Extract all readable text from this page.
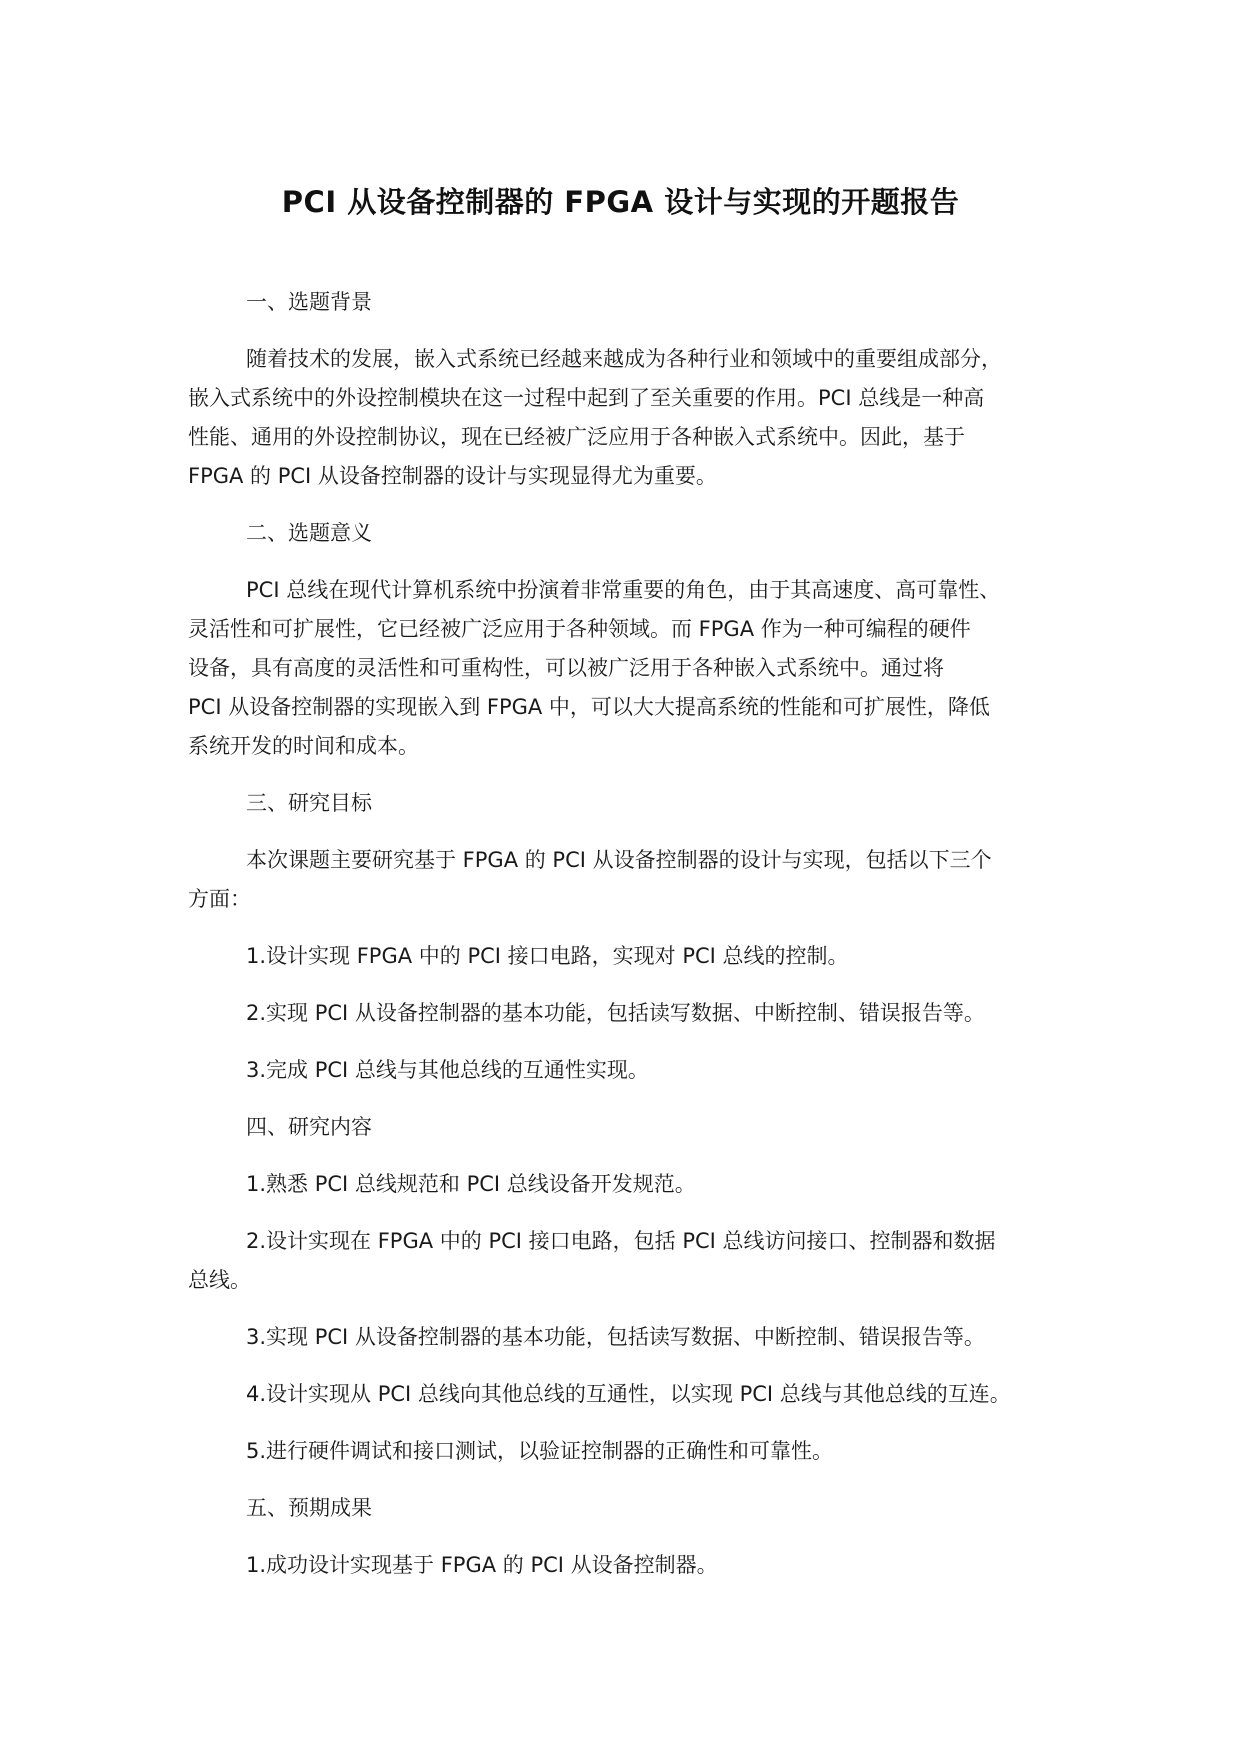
PCI 从设备控制器的 FPGA 设计与实现的开题报告
一、选题背景
随着技术的发展，嵌入式系统已经越来越成为各种行业和领域中的重要组成部分，
嵌入式系统中的外设控制模块在这一过程中起到了至关重要的作用。PCI 总线是一种高
性能、通用的外设控制协议，现在已经被广泛应用于各种嵌入式系统中。因此，基于
FPGA 的 PCI 从设备控制器的设计与实现显得尤为重要。
二、选题意义
PCI 总线在现代计算机系统中扮演着非常重要的角色，由于其高速度、高可靠性、
灵活性和可扩展性，它已经被广泛应用于各种领域。而 FPGA 作为一种可编程的硬件
设备，具有高度的灵活性和可重构性，可以被广泛用于各种嵌入式系统中。通过将
PCI 从设备控制器的实现嵌入到 FPGA 中，可以大大提高系统的性能和可扩展性，降低
系统开发的时间和成本。
三、研究目标
本次课题主要研究基于 FPGA 的 PCI 从设备控制器的设计与实现，包括以下三个
方面：
1.设计实现 FPGA 中的 PCI 接口电路，实现对 PCI 总线的控制。
2.实现 PCI 从设备控制器的基本功能，包括读写数据、中断控制、错误报告等。
3.完成 PCI 总线与其他总线的互通性实现。
四、研究内容
1.熟悉 PCI 总线规范和 PCI 总线设备开发规范。
2.设计实现在 FPGA 中的 PCI 接口电路，包括 PCI 总线访问接口、控制器和数据
总线。
3.实现 PCI 从设备控制器的基本功能，包括读写数据、中断控制、错误报告等。
4.设计实现从 PCI 总线向其他总线的互通性，以实现 PCI 总线与其他总线的互连。
5.进行硬件调试和接口测试，以验证控制器的正确性和可靠性。
五、预期成果
1.成功设计实现基于 FPGA 的 PCI 从设备控制器。
